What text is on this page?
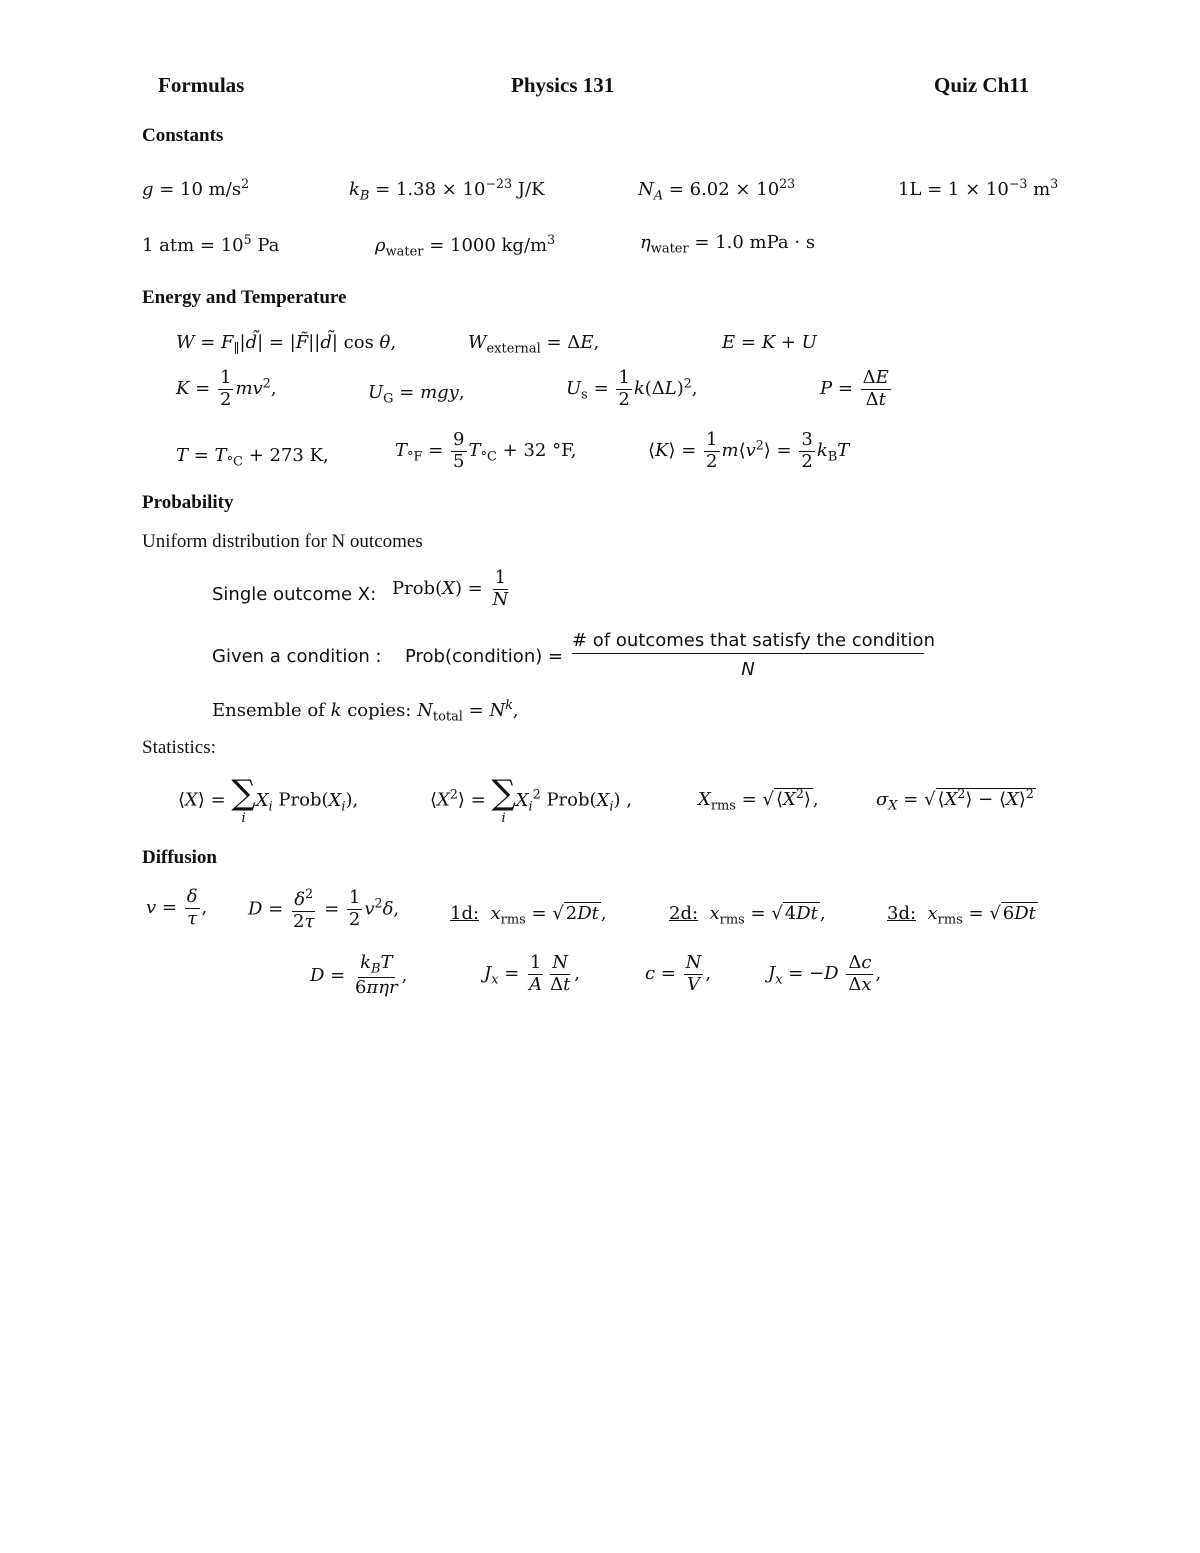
Formulas	Physics 131	Quiz Ch11
Constants
g = 10 $m/s^2$	$k_B = 1.38 \times 10^{-23}$ J/K	$N_A = 6.02 \times 10^{23}$	$1L = 1 \times 10^{-3}$ $m^3$
1 atm = $10^5$ Pa	$\rho_{water} = 1000$ $kg/m^3$	$\eta_{water} = 1.0$ mPa · s
Energy and Temperature
$W = F_\parallel|d̃|$ = |F̃||d̃| cos θ,	$W_{external} = \Delta E$,	E = K + U
$K = \frac{1}{2} mv^2$,	$U_G$ = mgy,	$U_s = \frac{1}{2} k(\Delta L)^2$,	$P = \frac{\Delta E}{\Delta t}$
$T = T_{^\circ C} + 273$ K,	$T_{^\circ F} = \frac{9}{5} T_{^\circ C} + 32$ °F,	⟨K⟩ = $\frac{1}{2}$ $m⟨v^2⟩ = \frac{3}{2} k_BT$
Probability
Uniform distribution for N outcomes
Single outcome X: Prob(X) = $\frac{1}{N}$
Given a condition : Prob(condition) =
# of outcomes that satisfy the condition
N
Ensemble of k copies: $N_{total} = N^k$,
Statistics:
⟨X⟩ = ∑
i
$X_i$ $Prob(X_i)$,	$⟨X^2⟩$ = ∑
i
$X_i^2$ $Prob(X_i)$ ,	$X_{rms}$ = √ $⟨X^2⟩$ ,	$\sigma_X$ = √ $⟨X^2⟩$ − ⟨X⟩$^2$
Diffusion
$v = \frac{\delta}{\tau}$ , $D = \frac{\delta^2}{2\tau} = \frac{1}{2} v^2\delta$,	1d: $x_{rms}$ = √ 2Dt ,	2d: $x_{rms}$ = √ 4Dt ,	3d: $x_{rms}$ = √ 6Dt
$D = \frac{k_BT}{\text{6πηr}}$ ,	$J_x = \frac{1}{A} \frac{N}{\Delta t}$ ,	$c = \frac{N}{V}$ ,	$J_x = -D \frac{\Delta c}{\Delta x}$ ,
